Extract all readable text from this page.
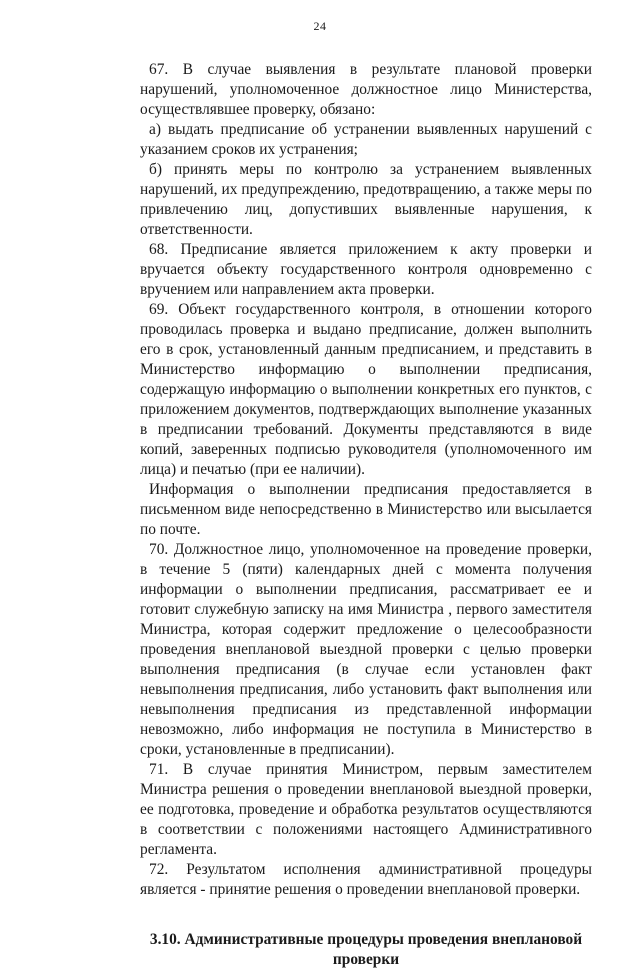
24

67. В случае выявления в результате плановой проверки нарушений, уполномоченное должностное лицо Министерства, осуществлявшее проверку, обязано:

а) выдать предписание об устранении выявленных нарушений с указанием сроков их устранения;

б) принять меры по контролю за устранением выявленных нарушений, их предупреждению, предотвращению, а также меры по привлечению лиц, допустивших выявленные нарушения, к ответственности.

68. Предписание является приложением к акту проверки и вручается объекту государственного контроля одновременно с вручением или направлением акта проверки.

69. Объект государственного контроля, в отношении которого проводилась проверка и выдано предписание, должен выполнить его в срок, установленный данным предписанием, и представить в Министерство информацию о выполнении предписания, содержащую информацию о выполнении конкретных его пунктов, с приложением документов, подтверждающих выполнение указанных в предписании требований. Документы представляются в виде копий, заверенных подписью руководителя (уполномоченного им лица) и печатью (при ее наличии).

Информация о выполнении предписания предоставляется в письменном виде непосредственно в Министерство или высылается по почте.

70. Должностное лицо, уполномоченное на проведение проверки, в течение 5 (пяти) календарных дней с момента получения информации о выполнении предписания, рассматривает ее и готовит служебную записку на имя Министра , первого заместителя Министра, которая содержит предложение о целесообразности проведения внеплановой выездной проверки с целью проверки выполнения предписания (в случае если установлен факт невыполнения предписания, либо установить факт выполнения или невыполнения предписания из представленной информации невозможно, либо информация не поступила в Министерство в сроки, установленные в предписании).

71. В случае принятия Министром, первым заместителем Министра решения о проведении внеплановой выездной проверки, ее подготовка, проведение и обработка результатов осуществляются в соответствии с положениями настоящего Административного регламента.

72. Результатом исполнения административной процедуры является - принятие решения о проведении внеплановой проверки.

3.10. Административные процедуры проведения внеплановой проверки
